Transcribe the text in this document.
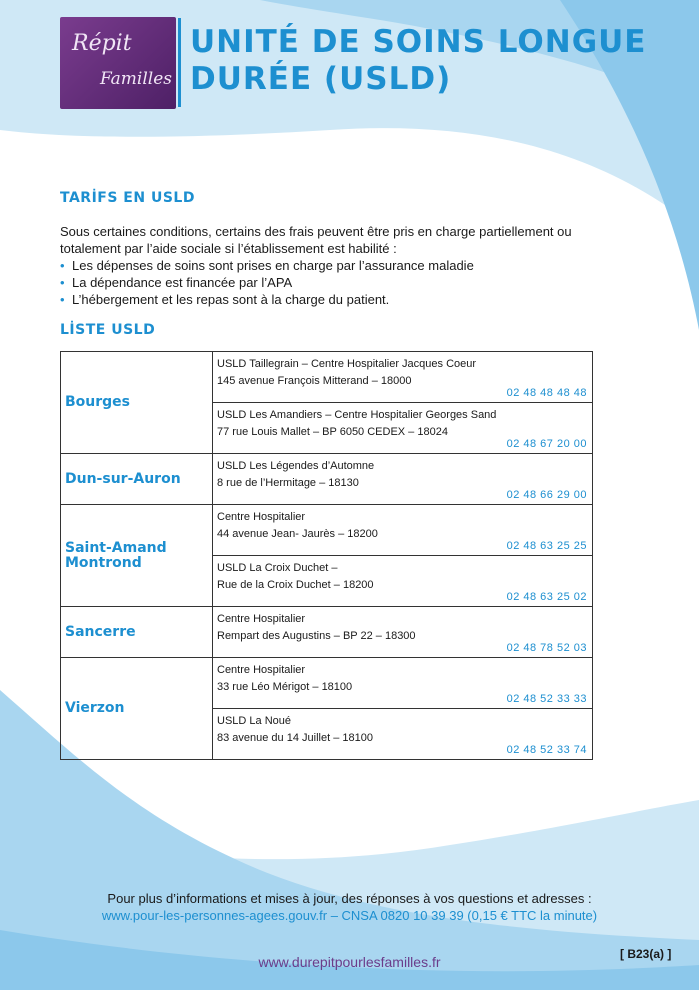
Répit
Familles
UNITÉ DE SOINS LONGUE DURÉE (USLD)
TARİFS EN USLD

Sous certaines conditions, certains des frais peuvent être pris en charge partiellement ou totalement par l’aide sociale si l’établissement est habilité :

• Les dépenses de soins sont prises en charge par l’assurance maladie
• La dépendance est financée par l’APA
• L’hébergement et les repas sont à la charge du patient.
LİSTE USLD
Bourges	USLD Taillegrain – Centre Hospitalier Jacques Coeur
145 avenue François Mitterand – 18000
02 48 48 48 48

	USLD Les Amandiers – Centre Hospitalier Georges Sand
77 rue Louis Mallet – BP 6050 CEDEX – 18024
02 48 67 20 00

Dun-sur-Auron	USLD Les Légendes d’Automne
8 rue de l’Hermitage – 18130
02 48 66 29 00

Saint-Amand Montrond	Centre Hospitalier
44 avenue Jean- Jaurès – 18200
02 48 63 25 25

	USLD La Croix Duchet –
Rue de la Croix Duchet – 18200
02 48 63 25 02

Sancerre	Centre Hospitalier
Rempart des Augustins – BP 22 – 18300
02 48 78 52 03

Vierzon	Centre Hospitalier
33 rue Léo Mérigot – 18100
02 48 52 33 33

	USLD La Noué
83 avenue du 14 Juillet – 18100
02 48 52 33 74
Pour plus d’informations et mises à jour, des réponses à vos questions et adresses :
www.pour-les-personnes-agees.gouv.fr – CNSA 0820 10 39 39 (0,15 € TTC la minute)
www.durepitpourlesfamilles.fr	[ B23(a) ]
